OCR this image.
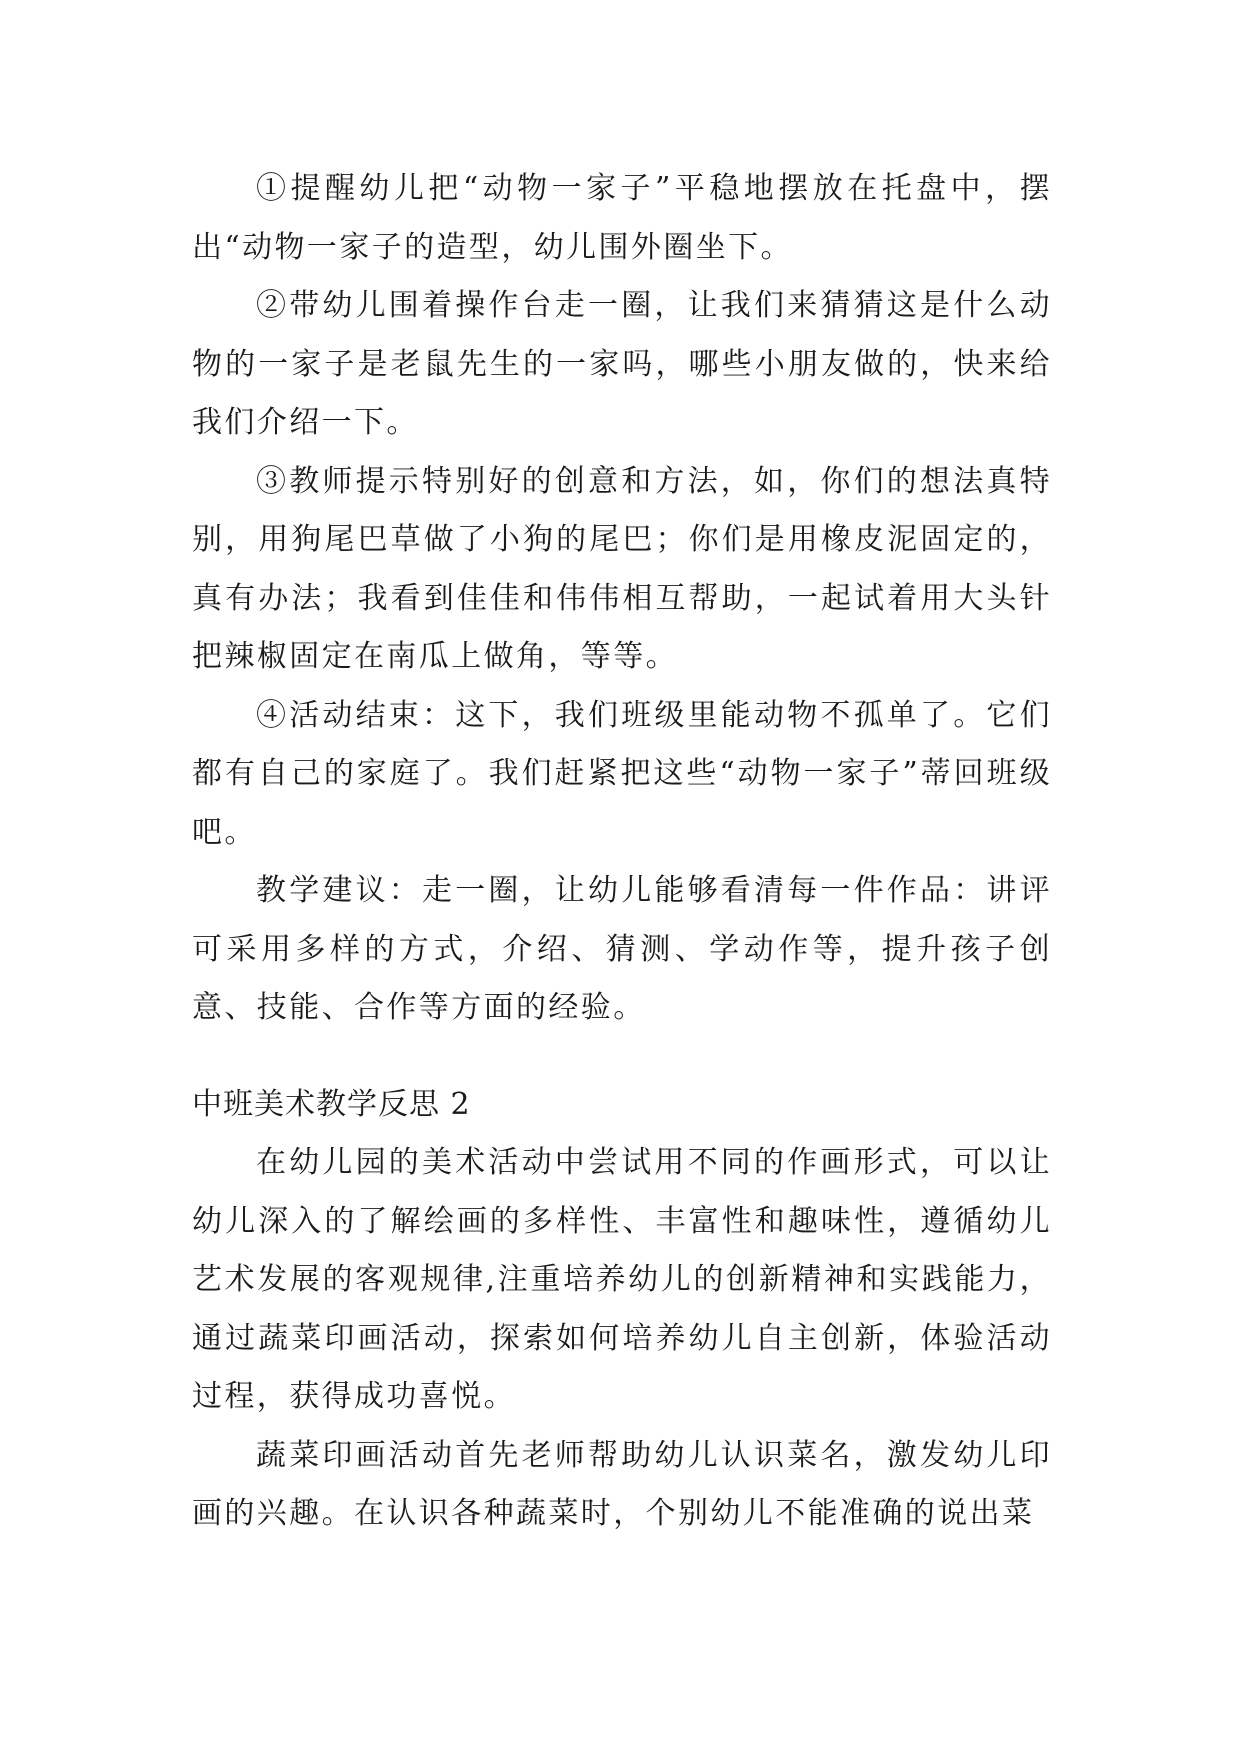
①提醒幼儿把“动物一家子”平稳地摆放在托盘中，摆出“动物一家子的造型，幼儿围外圈坐下。

②带幼儿围着操作台走一圈，让我们来猜猜这是什么动物的一家子是老鼠先生的一家吗，哪些小朋友做的，快来给我们介绍一下。

③教师提示特别好的创意和方法，如，你们的想法真特别，用狗尾巴草做了小狗的尾巴；你们是用橡皮泥固定的，真有办法；我看到佳佳和伟伟相互帮助，一起试着用大头针把辣椒固定在南瓜上做角，等等。

④活动结束：这下，我们班级里能动物不孤单了。它们都有自己的家庭了。我们赶紧把这些“动物一家子”蒂回班级吧。

教学建议：走一圈，让幼儿能够看清每一件作品：讲评可采用多样的方式，介绍、猜测、学动作等，提升孩子创意、技能、合作等方面的经验。

中班美术教学反思 2

在幼儿园的美术活动中尝试用不同的作画形式，可以让幼儿深入的了解绘画的多样性、丰富性和趣味性，遵循幼儿艺术发展的客观规律,注重培养幼儿的创新精神和实践能力，通过蔬菜印画活动，探索如何培养幼儿自主创新，体验活动过程，获得成功喜悦。

蔬菜印画活动首先老师帮助幼儿认识菜名，激发幼儿印画的兴趣。在认识各种蔬菜时，个别幼儿不能准确的说出菜
